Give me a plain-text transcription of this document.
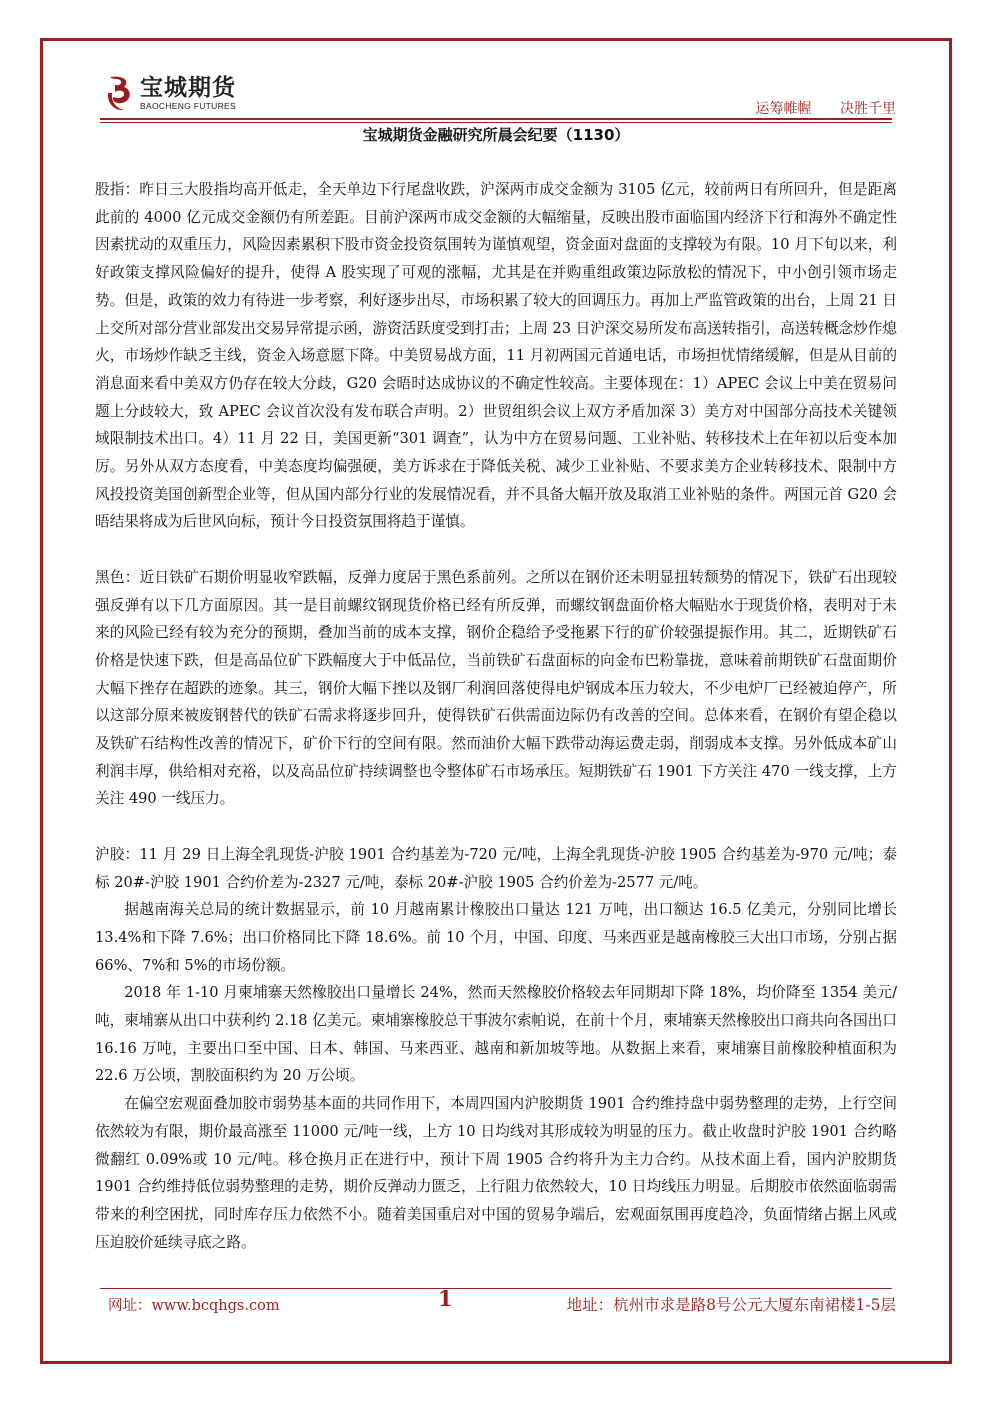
宝城期货
BAOCHENG FUTURES	运筹帷幄 决胜千里
宝城期货金融研究所晨会纪要（1130）

股指：昨日三大股指均高开低走，全天单边下行尾盘收跌，沪深两市成交金额为 3105 亿元，较前两日有所回升，但是距离此前的 4000 亿元成交金额仍有所差距。目前沪深两市成交金额的大幅缩量，反映出股市面临国内经济下行和海外不确定性因素扰动的双重压力，风险因素累积下股市资金投资氛围转为谨慎观望，资金面对盘面的支撑较为有限。10 月下旬以来，利好政策支撑风险偏好的提升，使得 A 股实现了可观的涨幅，尤其是在并购重组政策边际放松的情况下，中小创引领市场走势。但是，政策的效力有待进一步考察，利好逐步出尽，市场积累了较大的回调压力。再加上严监管政策的出台，上周 21 日上交所对部分营业部发出交易异常提示函，游资活跃度受到打击；上周 23 日沪深交易所发布高送转指引，高送转概念炒作熄火，市场炒作缺乏主线，资金入场意愿下降。中美贸易战方面，11 月初两国元首通电话，市场担忧情绪缓解，但是从目前的消息面来看中美双方仍存在较大分歧，G20 会晤时达成协议的不确定性较高。主要体现在：1）APEC 会议上中美在贸易问题上分歧较大，致 APEC 会议首次没有发布联合声明。2）世贸组织会议上双方矛盾加深 3）美方对中国部分高技术关键领域限制技术出口。4）11 月 22 日，美国更新“301 调查”，认为中方在贸易问题、工业补贴、转移技术上在年初以后变本加厉。另外从双方态度看，中美态度均偏强硬，美方诉求在于降低关税、减少工业补贴、不要求美方企业转移技术、限制中方风投投资美国创新型企业等，但从国内部分行业的发展情况看，并不具备大幅开放及取消工业补贴的条件。两国元首 G20 会晤结果将成为后世风向标，预计今日投资氛围将趋于谨慎。

黑色：近日铁矿石期价明显收窄跌幅，反弹力度居于黑色系前列。之所以在钢价还未明显扭转颓势的情况下，铁矿石出现较强反弹有以下几方面原因。其一是目前螺纹钢现货价格已经有所反弹，而螺纹钢盘面价格大幅贴水于现货价格，表明对于未来的风险已经有较为充分的预期，叠加当前的成本支撑，钢价企稳给予受拖累下行的矿价较强提振作用。其二，近期铁矿石价格是快速下跌，但是高品位矿下跌幅度大于中低品位，当前铁矿石盘面标的向金布巴粉靠拢，意味着前期铁矿石盘面期价大幅下挫存在超跌的迹象。其三，钢价大幅下挫以及钢厂利润回落使得电炉钢成本压力较大，不少电炉厂已经被迫停产，所以这部分原来被废钢替代的铁矿石需求将逐步回升，使得铁矿石供需面边际仍有改善的空间。总体来看，在钢价有望企稳以及铁矿石结构性改善的情况下，矿价下行的空间有限。然而油价大幅下跌带动海运费走弱，削弱成本支撑。另外低成本矿山利润丰厚，供给相对充裕，以及高品位矿持续调整也令整体矿石市场承压。短期铁矿石 1901 下方关注 470 一线支撑，上方关注 490 一线压力。

沪胶：11 月 29 日上海全乳现货-沪胶 1901 合约基差为-720 元/吨，上海全乳现货-沪胶 1905 合约基差为-970 元/吨；泰标 20#-沪胶 1901 合约价差为-2327 元/吨，泰标 20#-沪胶 1905 合约价差为-2577 元/吨。

据越南海关总局的统计数据显示，前 10 月越南累计橡胶出口量达 121 万吨，出口额达 16.5 亿美元，分别同比增长 13.4%和下降 7.6%；出口价格同比下降 18.6%。前 10 个月，中国、印度、马来西亚是越南橡胶三大出口市场，分别占据 66%、7%和 5%的市场份额。

2018 年 1-10 月柬埔寨天然橡胶出口量增长 24%，然而天然橡胶价格较去年同期却下降 18%，均价降至 1354 美元/吨，柬埔寨从出口中获利约 2.18 亿美元。柬埔寨橡胶总干事波尔索帕说，在前十个月，柬埔寨天然橡胶出口商共向各国出口 16.16 万吨，主要出口至中国、日本、韩国、马来西亚、越南和新加坡等地。从数据上来看，柬埔寨目前橡胶种植面积为 22.6 万公顷，割胶面积约为 20 万公顷。

在偏空宏观面叠加胶市弱势基本面的共同作用下，本周四国内沪胶期货 1901 合约维持盘中弱势整理的走势，上行空间依然较为有限，期价最高涨至 11000 元/吨一线，上方 10 日均线对其形成较为明显的压力。截止收盘时沪胶 1901 合约略微翻红 0.09%或 10 元/吨。移仓换月正在进行中，预计下周 1905 合约将升为主力合约。从技术面上看，国内沪胶期货 1901 合约维持低位弱势整理的走势，期价反弹动力匮乏，上行阻力依然较大，10 日均线压力明显。后期胶市依然面临弱需带来的利空困扰，同时库存压力依然不小。随着美国重启对中国的贸易争端后，宏观面氛围再度趋冷，负面情绪占据上风或压迫胶价延续寻底之路。

网址：www.bcqhgs.com	1	地址：杭州市求是路8号公元大厦东南裙楼1-5层
